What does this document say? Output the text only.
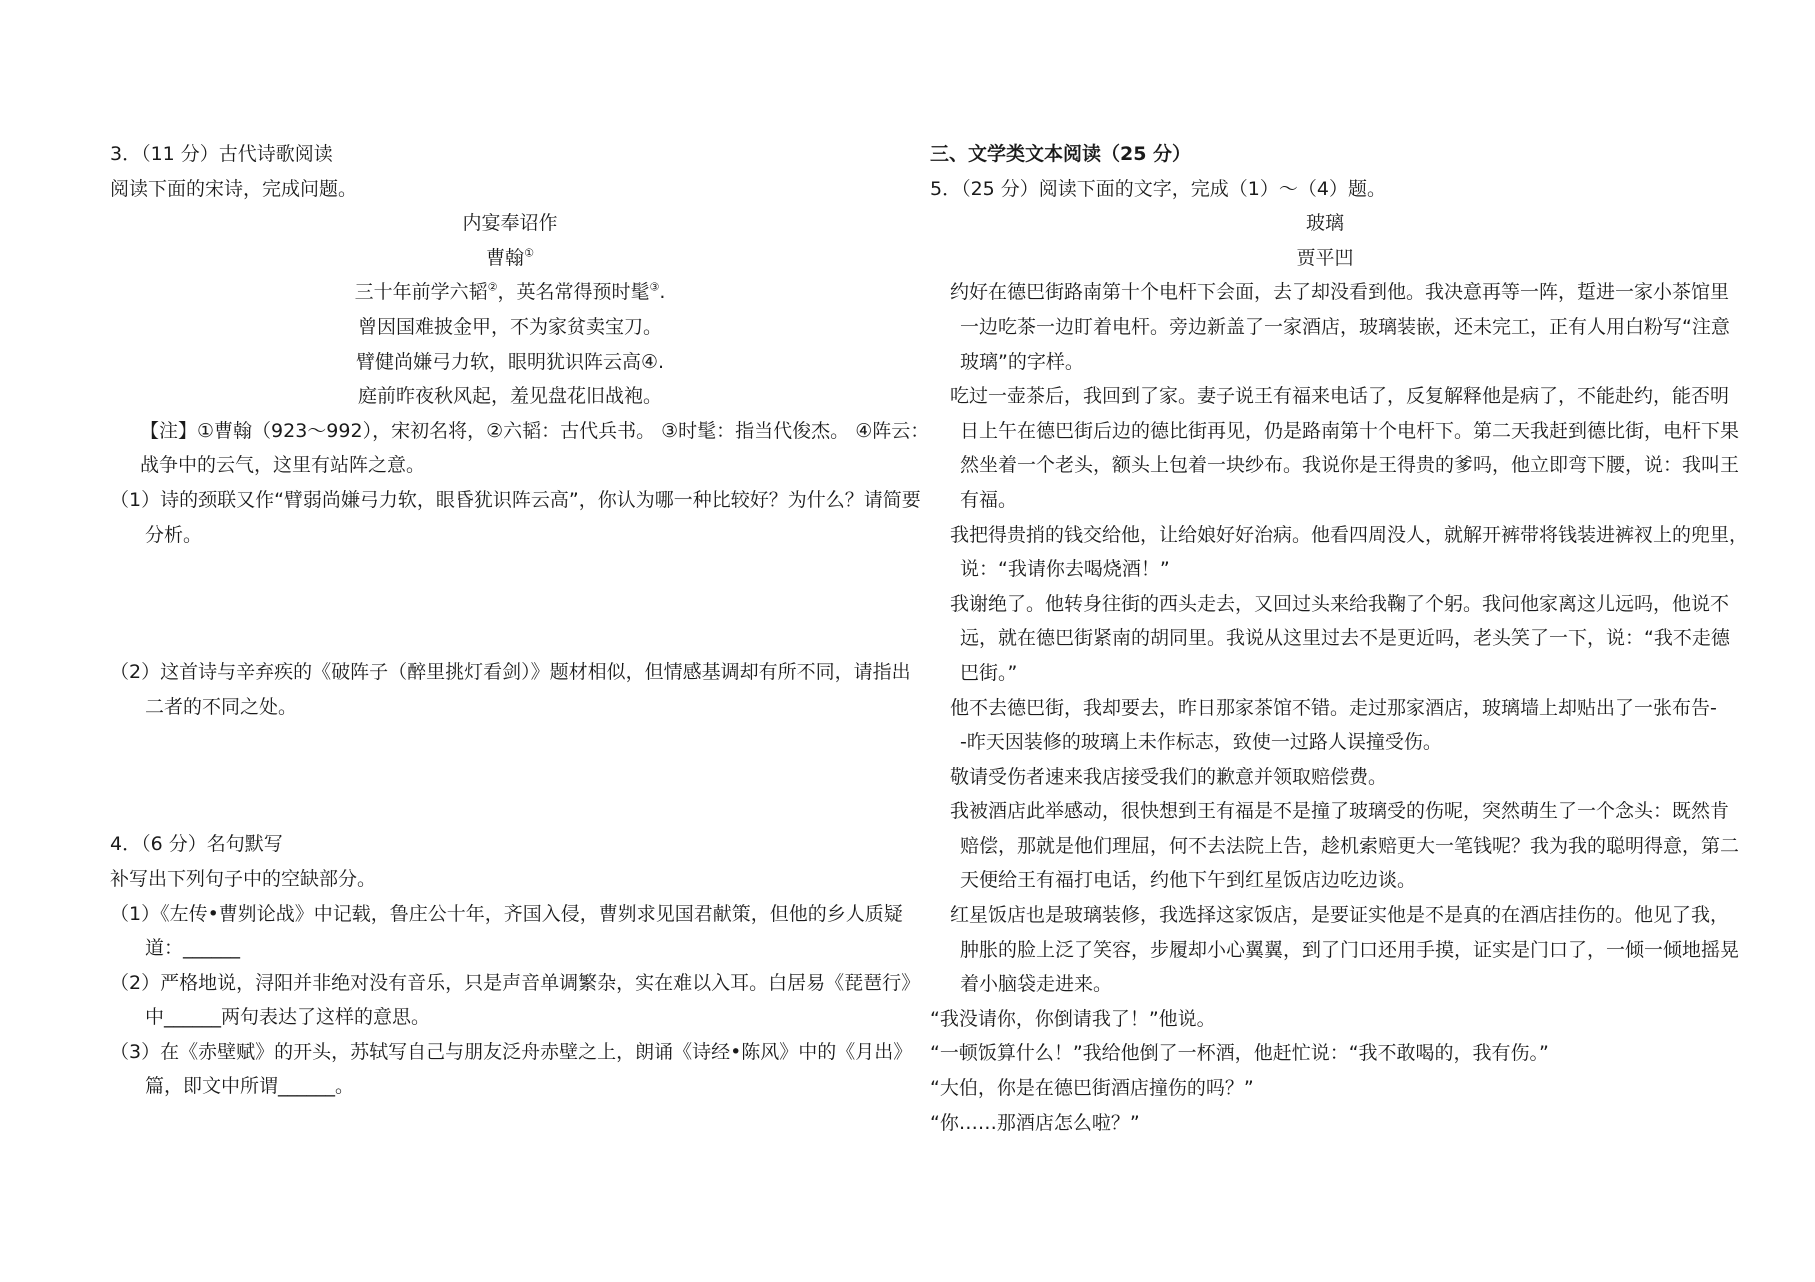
3．（11 分）古代诗歌阅读
阅读下面的宋诗，完成问题。
内宴奉诏作
曹翰①
三十年前学六韬②，英名常得预时髦③.
曾因国难披金甲，不为家贫卖宝刀。
臂健尚嫌弓力软，眼明犹识阵云高④.
庭前昨夜秋风起，羞见盘花旧战袍。
【注】①曹翰（923～992），宋初名将，②六韬：古代兵书。 ③时髦：指当代俊杰。 ④阵云：
战争中的云气，这里有站阵之意。
（1）诗的颈联又作“臂弱尚嫌弓力软，眼昏犹识阵云高”，你认为哪一种比较好？为什么？请简要
分析。
（2）这首诗与辛弃疾的《破阵子（醉里挑灯看剑）》题材相似，但情感基调却有所不同，请指出
二者的不同之处。
4．（6 分）名句默写
补写出下列句子中的空缺部分。
（1）《左传•曹刿论战》中记载，鲁庄公十年，齐国入侵，曹刿求见国君献策，但他的乡人质疑
道：______
（2）严格地说，浔阳并非绝对没有音乐，只是声音单调繁杂，实在难以入耳。白居易《琵琶行》
中______两句表达了这样的意思。
（3）在《赤壁赋》的开头，苏轼写自己与朋友泛舟赤壁之上，朗诵《诗经•陈风》中的《月出》
篇，即文中所谓______。
三、文学类文本阅读（25 分）
5．（25 分）阅读下面的文字，完成（1）～（4）题。
玻璃
贾平凹
约好在德巴街路南第十个电杆下会面，去了却没看到他。我决意再等一阵，踅进一家小茶馆里
一边吃茶一边盯着电杆。旁边新盖了一家酒店，玻璃装嵌，还未完工，正有人用白粉写“注意
玻璃”的字样。
吃过一壶茶后，我回到了家。妻子说王有福来电话了，反复解释他是病了，不能赴约，能否明
日上午在德巴街后边的德比街再见，仍是路南第十个电杆下。第二天我赶到德比街，电杆下果
然坐着一个老头，额头上包着一块纱布。我说你是王得贵的爹吗，他立即弯下腰，说：我叫王
有福。
我把得贵捎的钱交给他，让给娘好好治病。他看四周没人，就解开裤带将钱装进裤衩上的兜里，
说：“我请你去喝烧酒！”
我谢绝了。他转身往街的西头走去，又回过头来给我鞠了个躬。我问他家离这儿远吗，他说不
远，就在德巴街紧南的胡同里。我说从这里过去不是更近吗，老头笑了一下，说：“我不走德
巴街。”
他不去德巴街，我却要去，昨日那家茶馆不错。走过那家酒店，玻璃墙上却贴出了一张布告-
-昨天因装修的玻璃上未作标志，致使一过路人误撞受伤。
敬请受伤者速来我店接受我们的歉意并领取赔偿费。
我被酒店此举感动，很快想到王有福是不是撞了玻璃受的伤呢，突然萌生了一个念头：既然肯
赔偿，那就是他们理屈，何不去法院上告，趁机索赔更大一笔钱呢？我为我的聪明得意，第二
天便给王有福打电话，约他下午到红星饭店边吃边谈。
红星饭店也是玻璃装修，我选择这家饭店，是要证实他是不是真的在酒店挂伤的。他见了我，
肿胀的脸上泛了笑容，步履却小心翼翼，到了门口还用手摸，证实是门口了，一倾一倾地摇晃
着小脑袋走进来。
“我没请你，你倒请我了！”他说。
“一顿饭算什么！”我给他倒了一杯酒，他赶忙说：“我不敢喝的，我有伤。”
“大伯，你是在德巴街酒店撞伤的吗？”
“你……那酒店怎么啦？”
